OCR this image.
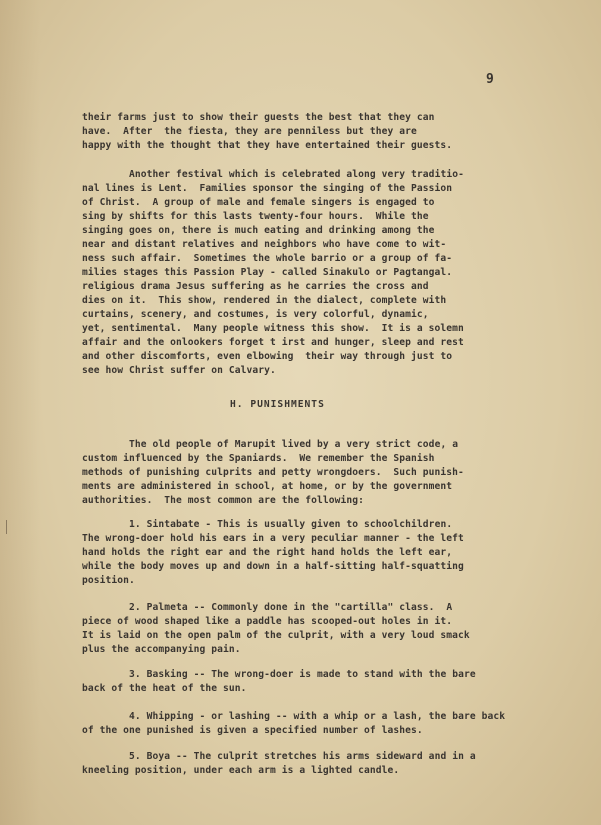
9

their farms just to show their guests the best that they can
have.  After  the fiesta, they are penniless but they are
happy with the thought that they have entertained their guests.

Another festival which is celebrated along very traditio-
nal lines is Lent.  Families sponsor the singing of the Passion
of Christ.  A group of male and female singers is engaged to
sing by shifts for this lasts twenty-four hours.  While the
singing goes on, there is much eating and drinking among the
near and distant relatives and neighbors who have come to wit-
ness such affair.  Sometimes the whole barrio or a group of fa-
milies stages this Passion Play - called Sinakulo or Pagtangal.
religious drama Jesus suffering as he carries the cross and
dies on it.  This show, rendered in the dialect, complete with
curtains, scenery, and costumes, is very colorful, dynamic,
yet, sentimental.  Many people witness this show.  It is a solemn
affair and the onlookers forget t irst and hunger, sleep and rest
and other discomforts, even elbowing  their way through just to
see how Christ suffer on Calvary.

H. PUNISHMENTS

The old people of Marupit lived by a very strict code, a
custom influenced by the Spaniards.  We remember the Spanish
methods of punishing culprits and petty wrongdoers.  Such punish-
ments are administered in school, at home, or by the government
authorities.  The most common are the following:

1. Sintabate - This is usually given to schoolchildren.
The wrong-doer hold his ears in a very peculiar manner - the left
hand holds the right ear and the right hand holds the left ear,
while the body moves up and down in a half-sitting half-squatting
position.

2. Palmeta -- Commonly done in the "cartilla" class.  A
piece of wood shaped like a paddle has scooped-out holes in it.
It is laid on the open palm of the culprit, with a very loud smack
plus the accompanying pain.

3. Basking -- The wrong-doer is made to stand with the bare
back of the heat of the sun.

4. Whipping - or lashing -- with a whip or a lash, the bare back
of the one punished is given a specified number of lashes.

5. Boya -- The culprit stretches his arms sideward and in a
kneeling position, under each arm is a lighted candle.
